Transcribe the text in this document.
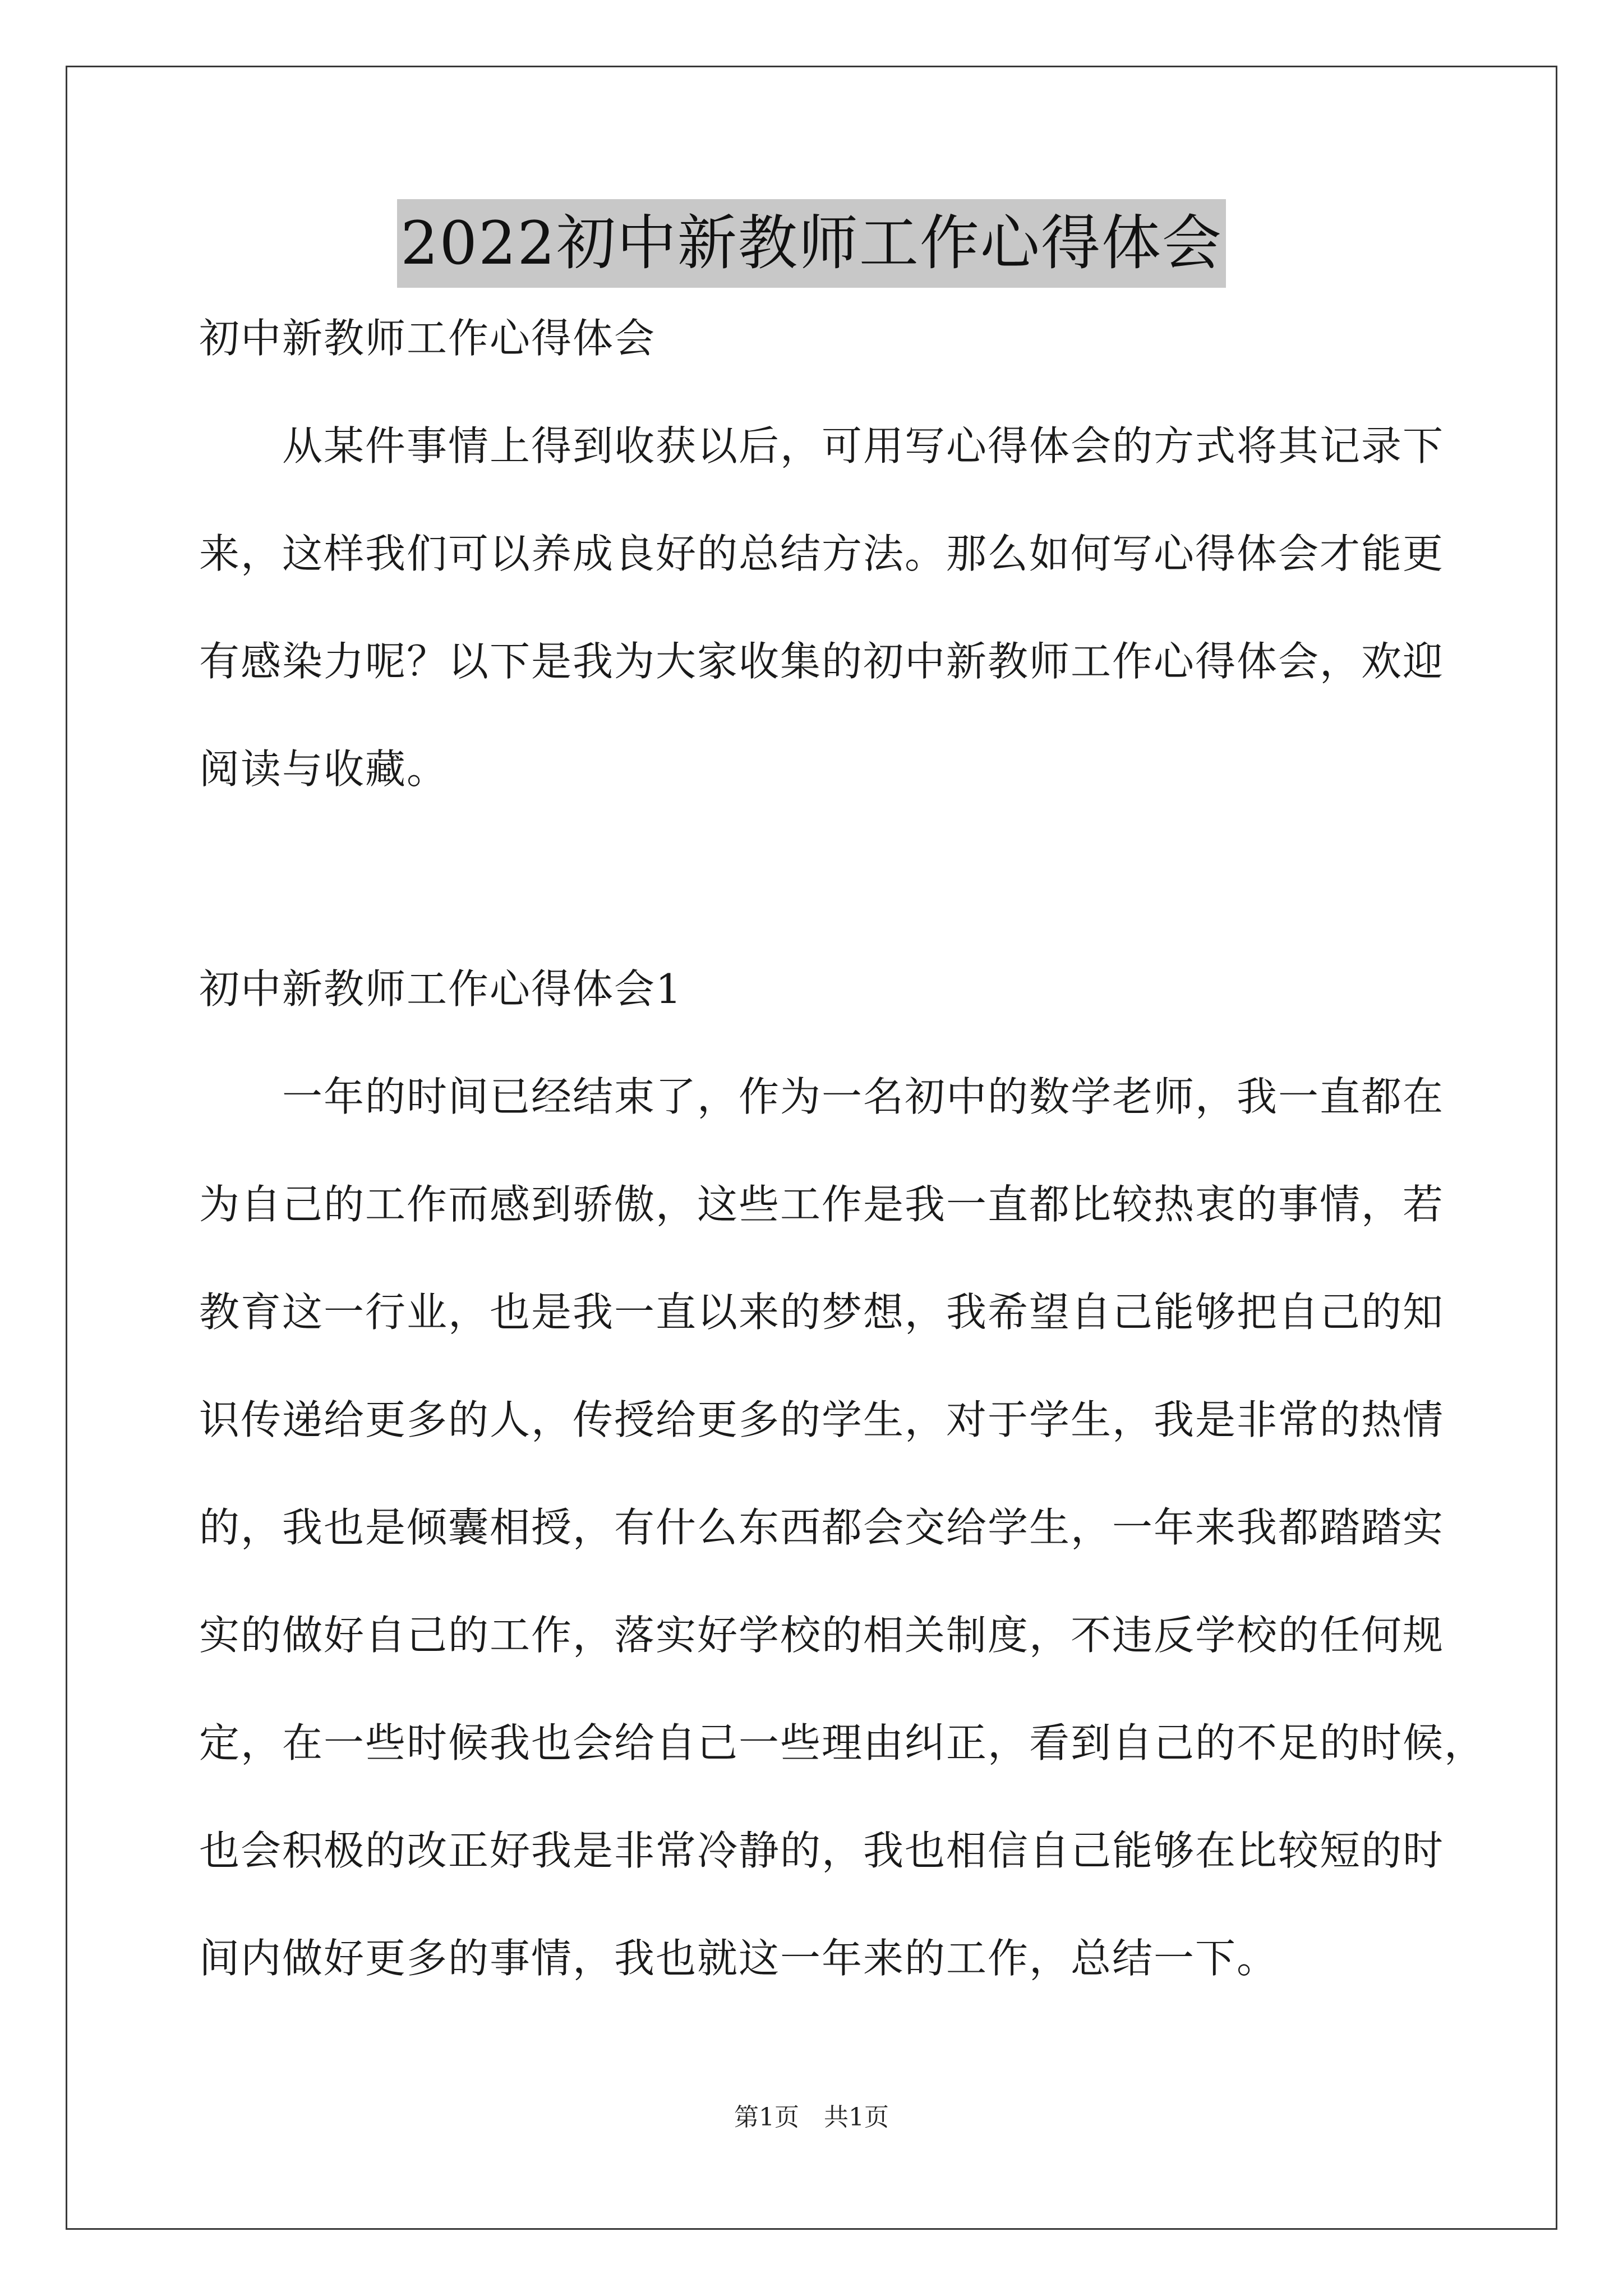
2022初中新教师工作心得体会
初中新教师工作心得体会
从某件事情上得到收获以后，可用写心得体会的方式将其记录下
来，这样我们可以养成良好的总结方法。那么如何写心得体会才能更
有感染力呢？以下是我为大家收集的初中新教师工作心得体会，欢迎
阅读与收藏。
初中新教师工作心得体会1
一年的时间已经结束了，作为一名初中的数学老师，我一直都在
为自己的工作而感到骄傲，这些工作是我一直都比较热衷的事情，若
教育这一行业，也是我一直以来的梦想，我希望自己能够把自己的知
识传递给更多的人，传授给更多的学生，对于学生，我是非常的热情
的，我也是倾囊相授，有什么东西都会交给学生，一年来我都踏踏实
实的做好自己的工作，落实好学校的相关制度，不违反学校的任何规
定，在一些时候我也会给自己一些理由纠正，看到自己的不足的时候，
也会积极的改正好我是非常冷静的，我也相信自己能够在比较短的时
间内做好更多的事情，我也就这一年来的工作，总结一下。
第1页 共1页
